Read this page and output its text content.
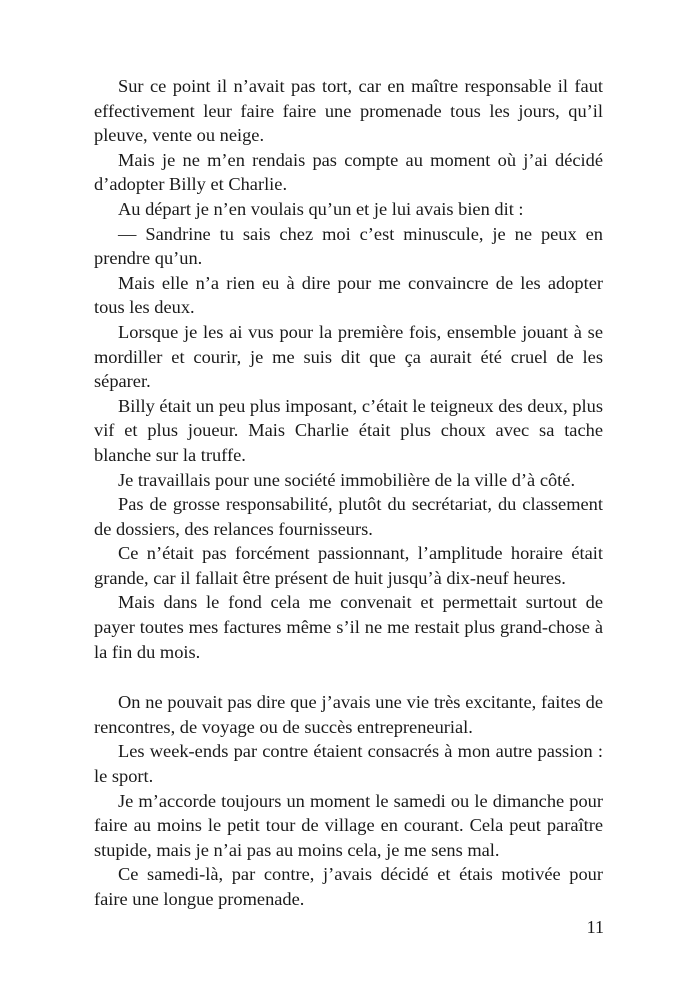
Sur ce point il n’avait pas tort, car en maître responsable il faut effectivement leur faire faire une promenade tous les jours, qu’il pleuve, vente ou neige.

Mais je ne m’en rendais pas compte au moment où j’ai décidé d’adopter Billy et Charlie.

Au départ je n’en voulais qu’un et je lui avais bien dit :

— Sandrine tu sais chez moi c’est minuscule, je ne peux en prendre qu’un.

Mais elle n’a rien eu à dire pour me convaincre de les adopter tous les deux.

Lorsque je les ai vus pour la première fois, ensemble jouant à se mordiller et courir, je me suis dit que ça aurait été cruel de les séparer.

Billy était un peu plus imposant, c’était le teigneux des deux, plus vif et plus joueur. Mais Charlie était plus choux avec sa tache blanche sur la truffe.

Je travaillais pour une société immobilière de la ville d’à côté.

Pas de grosse responsabilité, plutôt du secrétariat, du classement de dossiers, des relances fournisseurs.

Ce n’était pas forcément passionnant, l’amplitude horaire était grande, car il fallait être présent de huit jusqu’à dix-neuf heures.

Mais dans le fond cela me convenait et permettait surtout de payer toutes mes factures même s’il ne me restait plus grand-chose à la fin du mois.

On ne pouvait pas dire que j’avais une vie très excitante, faites de rencontres, de voyage ou de succès entrepreneurial.

Les week-ends par contre étaient consacrés à mon autre passion : le sport.

Je m’accorde toujours un moment le samedi ou le dimanche pour faire au moins le petit tour de village en courant. Cela peut paraître stupide, mais je n’ai pas au moins cela, je me sens mal.

Ce samedi-là, par contre, j’avais décidé et étais motivée pour faire une longue promenade.

11
